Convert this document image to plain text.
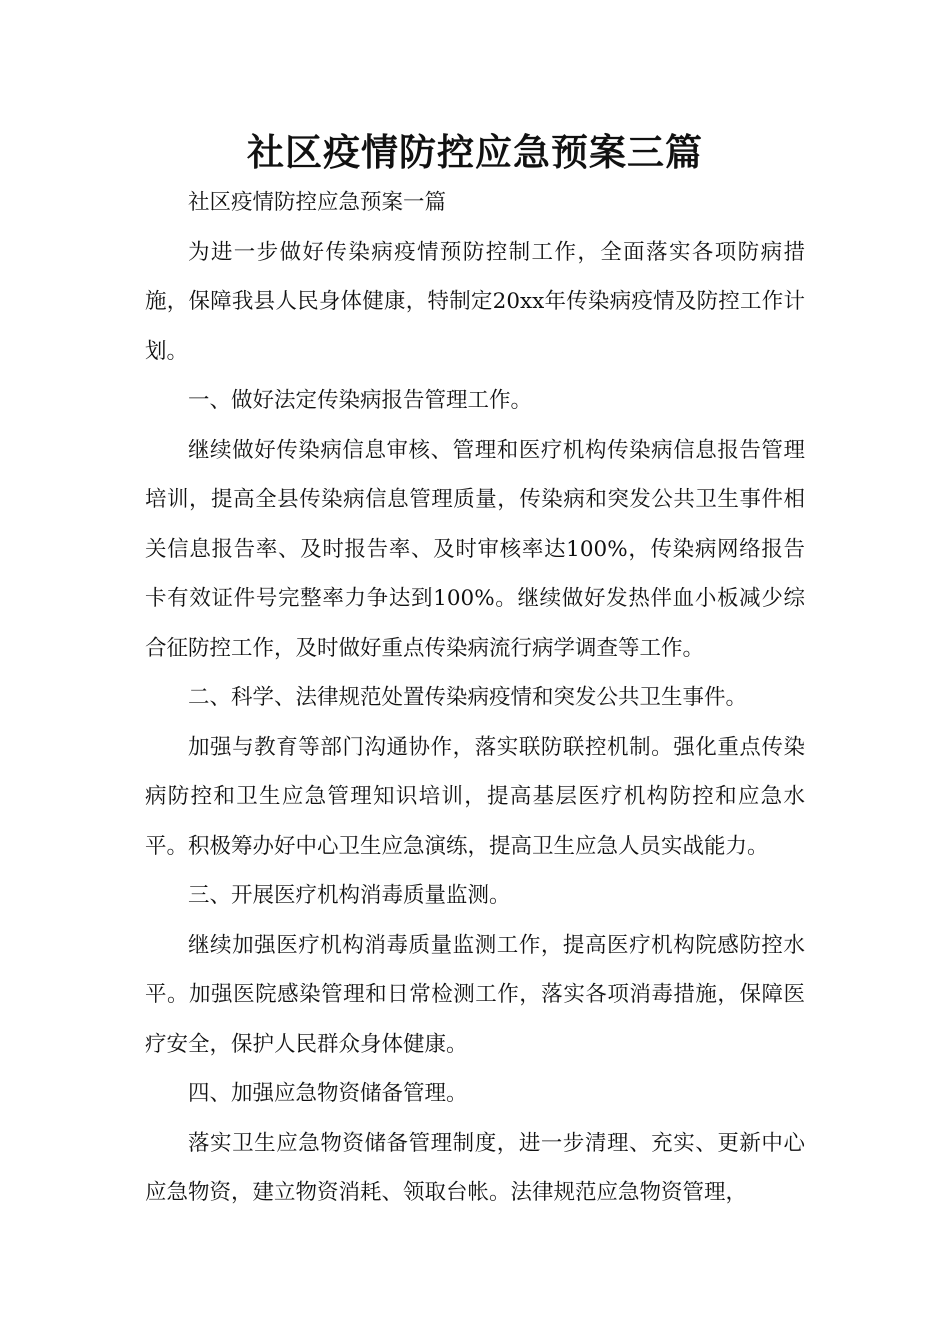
社区疫情防控应急预案三篇

社区疫情防控应急预案一篇

为进一步做好传染病疫情预防控制工作，全面落实各项防病措施，保障我县人民身体健康，特制定20xx年传染病疫情及防控工作计划。

一、做好法定传染病报告管理工作。

继续做好传染病信息审核、管理和医疗机构传染病信息报告管理培训，提高全县传染病信息管理质量，传染病和突发公共卫生事件相关信息报告率、及时报告率、及时审核率达100%，传染病网络报告卡有效证件号完整率力争达到100%。继续做好发热伴血小板减少综合征防控工作，及时做好重点传染病流行病学调查等工作。

二、科学、法律规范处置传染病疫情和突发公共卫生事件。

加强与教育等部门沟通协作，落实联防联控机制。强化重点传染病防控和卫生应急管理知识培训，提高基层医疗机构防控和应急水平。积极筹办好中心卫生应急演练，提高卫生应急人员实战能力。

三、开展医疗机构消毒质量监测。

继续加强医疗机构消毒质量监测工作，提高医疗机构院感防控水平。加强医院感染管理和日常检测工作，落实各项消毒措施，保障医疗安全，保护人民群众身体健康。

四、加强应急物资储备管理。

落实卫生应急物资储备管理制度，进一步清理、充实、更新中心应急物资，建立物资消耗、领取台帐。法律规范应急物资管理，
